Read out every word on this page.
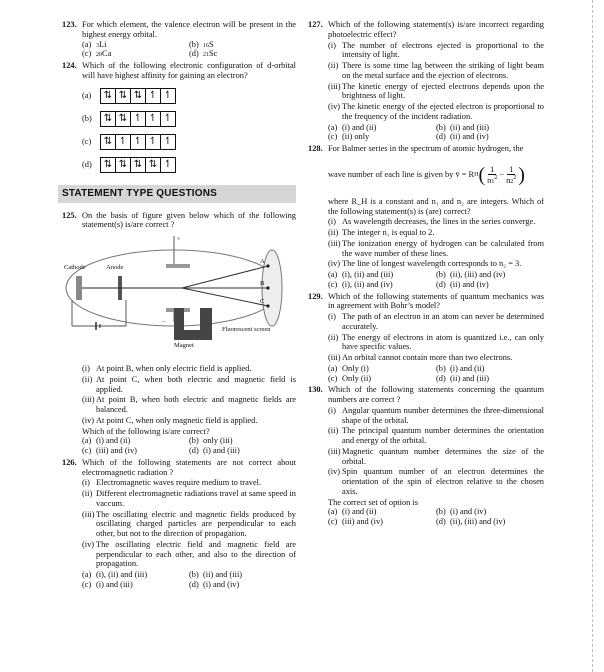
123. For which element, the valence electron will be present in the highest energy orbital.
(a) 3Li	(b) 16S
(c) 20Ca	(d) 21Sc
124. Which of the following electronic configuration of d-orbital will have highest affinity for gaining an electron?
(a)	⇅ ⇅ ⇅ ↿ ↿
(b)	⇅ ⇅ ↿ ↿ ↿
(c)	⇅ ↿ ↿ ↿ ↿
(d)	⇅ ⇅ ⇅ ⇅ ↿
STATEMENT TYPE QUESTIONS
125. On the basis of figure given below which of the following statement(s) is/are correct ?
Cathode	Anode
A
B
C
Fluorescent screen
Magnet
+
–
(i) At point B, when only electric field is applied.
(ii) At point C, when both electric and magnetic field is applied.
(iii) At point B, when both electric and magnetic fields are balanced.
(iv) At point C, when only magnetic field is applied.
Which of the following is/are correct?
(a) (i) and (ii)	(b) only (iii)
(c) (iii) and (iv)	(d) (i) and (iii)
126. Which of the following statements are not correct about electromagnetic radiation ?
(i) Electromagnetic waves require medium to travel.
(ii) Different electromagnetic radiations travel at same speed in vaccum.
(iii) The oscillating electric and magnetic fields produced by oscillating charged particles are perpendicular to each other, but not to the direction of propagation.
(iv) The oscillating electric field and magnetic field are perpendicular to each other, and also to the direction of propagation.
(a) (i), (ii) and (iii)	(b) (ii) and (iii)
(c) (i) and (iii)	(d) (i) and (iv)
127. Which of the following statement(s) is/are incorrect regarding photoelectric effect?
(i) The number of electrons ejected is proportional to the intensity of light.
(ii) There is some time lag between the striking of light beam on the metal surface and the ejection of electrons.
(iii) The kinetic energy of ejected electrons depends upon the brightness of light.
(iv) The kinetic energy of the ejected electron is proportional to the frequency of the incident radiation.
(a) (i) and (ii)	(b) (ii) and (iii)
(c) (ii) only	(d) (ii) and (iv)
128. For Balmer series in the spectrum of atomic hydrogen, the
wave number of each line is given by
v̄ = R H ( $\frac{1}{n1^2} - \frac{1}{n2^2}$ )
where R_H is a constant and n₁ and n₂ are integers. Which of the following statement(s) is (are) correct?
(i) As wavelength decreases, the lines in the series converge.
(ii) The integer n₁ is equal to 2.
(iii) The ionization energy of hydrogen can be calculated from the wave number of these lines.
(iv) The line of longest wavelength corresponds to n₂ = 3.
(a) (i), (ii) and (iii)	(b) (ii), (iii) and (iv)
(c) (i), (ii) and (iv)	(d) (ii) and (iv)
129. Which of the following statements of quantum mechanics was in agreement with Bohr’s model?
(i) The path of an electron in an atom can never be determined accurately.
(ii) The energy of electrons in atom is quantized i.e., can only have specific values.
(iii) An orbital cannot contain more than two electrons.
(a) Only (i)	(b) (i) and (ii)
(c) Only (ii)	(d) (ii) and (iii)
130. Which of the following statements concerning the quantum numbers are correct ?
(i) Angular quantum number determines the three-dimensional shape of the orbital.
(ii) The principal quantum number determines the orientation and energy of the orbital.
(iii) Magnetic quantum number determines the size of the orbital.
(iv) Spin quantum number of an electron determines the orientation of the spin of electron relative to the chosen axis.
The correct set of option is
(a) (i) and (ii)	(b) (i) and (iv)
(c) (iii) and (iv)	(d) (ii), (iii) and (iv)
